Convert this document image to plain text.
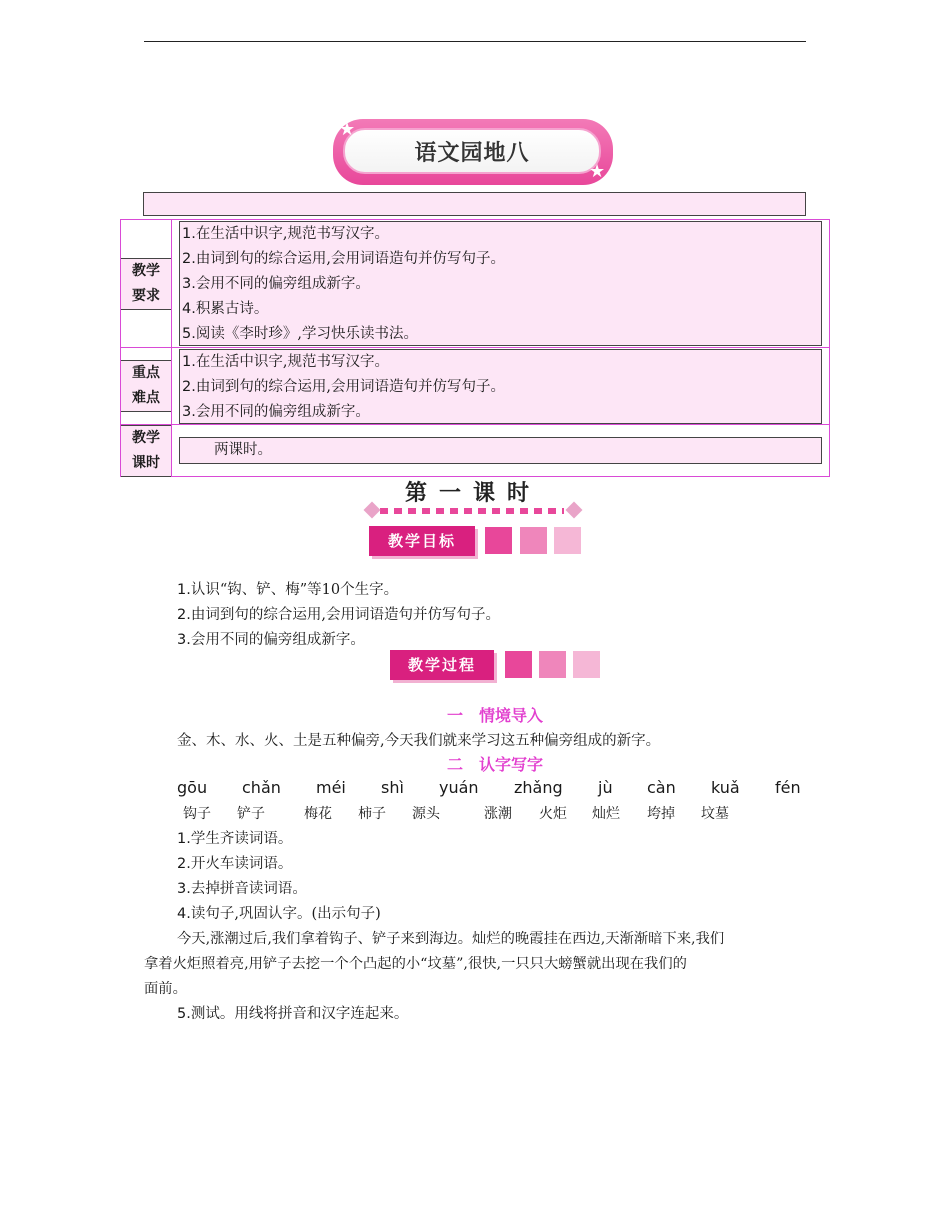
语文园地八
★
★
教学
要求
1.在生活中识字,规范书写汉字。
2.由词到句的综合运用,会用词语造句并仿写句子。
3.会用不同的偏旁组成新字。
4.积累古诗。
5.阅读《李时珍》,学习快乐读书法。
重点
难点
1.在生活中识字,规范书写汉字。
2.由词到句的综合运用,会用词语造句并仿写句子。
3.会用不同的偏旁组成新字。
教学
课时
两课时。
第一课时
教学目标
1.认识“钩、铲、梅”等10个生字。
2.由词到句的综合运用,会用词语造句并仿写句子。
3.会用不同的偏旁组成新字。
教学过程
一　情境导入
金、木、水、火、土是五种偏旁,今天我们就来学习这五种偏旁组成的新字。
二　认字写字
gōu chǎn méi shì yuán zhǎng jù càn kuǎ fén
钩子 铲子	梅花 柿子 源头	涨潮 火炬 灿烂 垮掉 坟墓
1.学生齐读词语。
2.开火车读词语。
3.去掉拼音读词语。
4.读句子,巩固认字。(出示句子)
今天,涨潮过后,我们拿着钩子、铲子来到海边。灿烂的晚霞挂在西边,天渐渐暗下来,我们
拿着火炬照着亮,用铲子去挖一个个凸起的小“坟墓”,很快,一只只大螃蟹就出现在我们的
面前。
5.测试。用线将拼音和汉字连起来。
